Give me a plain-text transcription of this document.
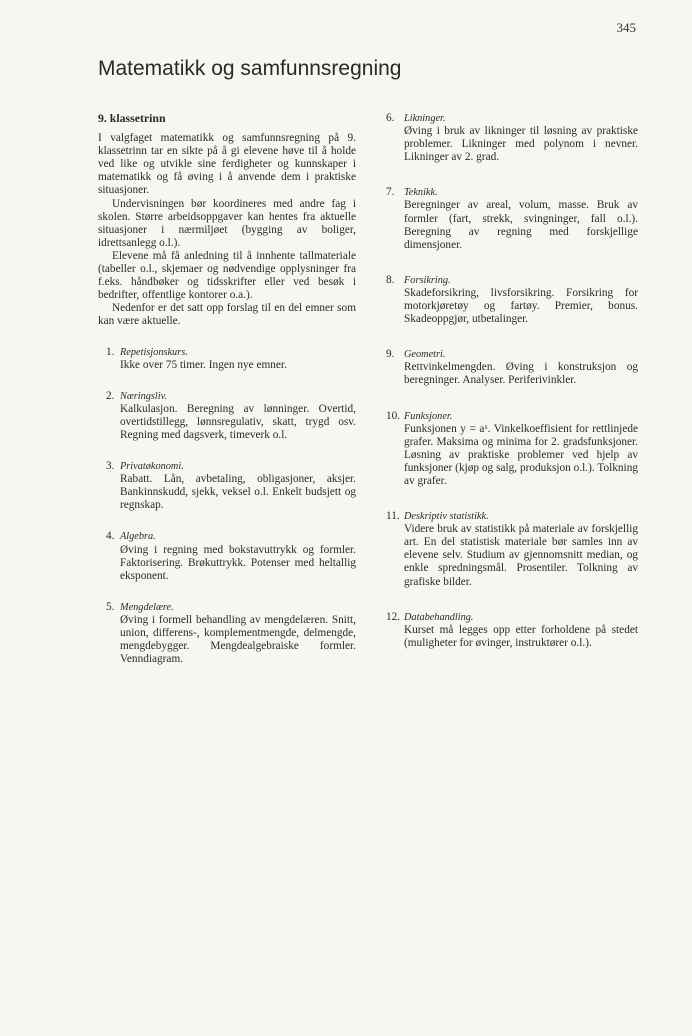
345
Matematikk og samfunnsregning
9. klassetrinn

I valgfaget matematikk og samfunnsregning på 9. klassetrinn tar en sikte på å gi elevene høve til å holde ved like og utvikle sine ferdigheter og kunnskaper i matematikk og få øving i å anvende dem i praktiske situasjoner.

Undervisningen bør koordineres med andre fag i skolen. Større arbeidsoppgaver kan hentes fra aktuelle situasjoner i nærmiljøet (bygging av boliger, idrettsanlegg o.l.).

Elevene må få anledning til å innhente tallmateriale (tabeller o.l., skjemaer og nødvendige opplysninger fra f.eks. håndbøker og tidsskrifter eller ved besøk i bedrifter, offentlige kontorer o.a.).

Nedenfor er det satt opp forslag til en del emner som kan være aktuelle.

1. Repetisjonskurs.
Ikke over 75 timer. Ingen nye emner.
2. Næringsliv.
Kalkulasjon. Beregning av lønninger. Overtid, overtidstillegg, lønnsregulativ, skatt, trygd osv. Regning med dagsverk, timeverk o.l.
3. Privatøkonomi.
Rabatt. Lån, avbetaling, obligasjoner, aksjer. Bankinnskudd, sjekk, veksel o.l. Enkelt budsjett og regnskap.
4. Algebra.
Øving i regning med bokstavuttrykk og formler. Faktorisering. Brøkuttrykk. Potenser med heltallig eksponent.
5. Mengdelære.
Øving i formell behandling av mengdelæren. Snitt, union, differens-, komplementmengde, delmengde, mengdebygger. Mengdealgebraiske formler. Venndiagram.
6. Likninger.
Øving i bruk av likninger til løsning av praktiske problemer. Likninger med polynom i nevner. Likninger av 2. grad.
7. Teknikk.
Beregninger av areal, volum, masse. Bruk av formler (fart, strekk, svingninger, fall o.l.). Beregning av regning med forskjellige dimensjoner.
8. Forsikring.
Skadeforsikring, livsforsikring. Forsikring for motorkjøretøy og fartøy. Premier, bonus. Skadeoppgjør, utbetalinger.
9. Geometri.
Rettvinkelmengden. Øving i konstruksjon og beregninger. Analyser. Periferivinkler.
10. Funksjoner.
Funksjonen y = aˣ. Vinkelkoeffisient for rettlinjede grafer. Maksima og minima for 2. gradsfunksjoner. Løsning av praktiske problemer ved hjelp av funksjoner (kjøp og salg, produksjon o.l.). Tolkning av grafer.
11. Deskriptiv statistikk.
Videre bruk av statistikk på materiale av forskjellig art. En del statistisk materiale bør samles inn av elevene selv. Studium av gjennomsnitt median, og enkle spredningsmål. Prosentiler. Tolkning av grafiske bilder.
12. Databehandling.
Kurset må legges opp etter forholdene på stedet (muligheter for øvinger, instruktører o.l.).
